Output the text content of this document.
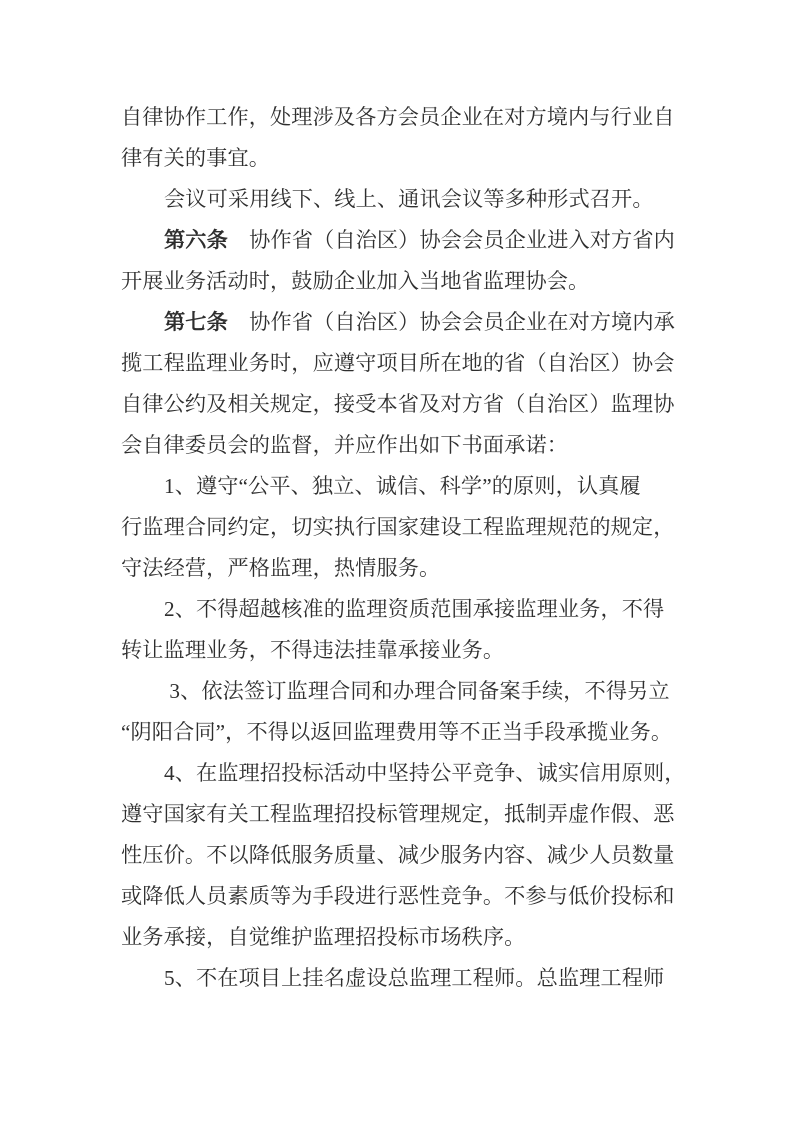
自律协作工作，处理涉及各方会员企业在对方境内与行业自
律有关的事宜。
会议可采用线下、线上、通讯会议等多种形式召开。
第六条　协作省（自治区）协会会员企业进入对方省内
开展业务活动时，鼓励企业加入当地省监理协会。
第七条　协作省（自治区）协会会员企业在对方境内承
揽工程监理业务时，应遵守项目所在地的省（自治区）协会
自律公约及相关规定，接受本省及对方省（自治区）监理协
会自律委员会的监督，并应作出如下书面承诺：
1、遵守“公平、独立、诚信、科学”的原则，认真履
行监理合同约定，切实执行国家建设工程监理规范的规定，
守法经营，严格监理，热情服务。
2、不得超越核准的监理资质范围承接监理业务，不得
转让监理业务，不得违法挂靠承接业务。
3、依法签订监理合同和办理合同备案手续，不得另立
“阴阳合同”，不得以返回监理费用等不正当手段承揽业务。
4、在监理招投标活动中坚持公平竞争、诚实信用原则，
遵守国家有关工程监理招投标管理规定，抵制弄虚作假、恶
性压价。不以降低服务质量、减少服务内容、减少人员数量
或降低人员素质等为手段进行恶性竞争。不参与低价投标和
业务承接，自觉维护监理招投标市场秩序。
5、不在项目上挂名虚设总监理工程师。总监理工程师
